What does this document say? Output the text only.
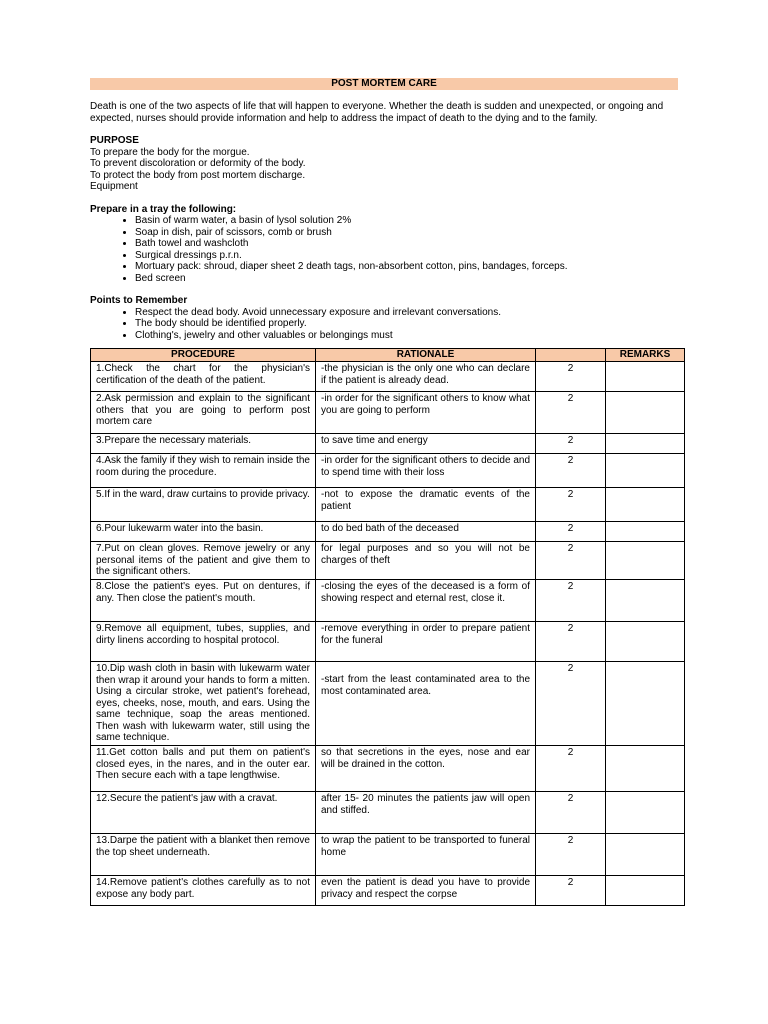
POST MORTEM CARE
Death is one of the two aspects of life that will happen to everyone. Whether the death is sudden and unexpected, or ongoing and expected, nurses should provide information and help to address the impact of death to the dying and to the family.
PURPOSE
To prepare the body for the morgue.
To prevent discoloration or deformity of the body.
To protect the body from post mortem discharge.
Equipment
Prepare in a tray the following:
• Basin of warm water, a basin of lysol solution 2%
• Soap in dish, pair of scissors, comb or brush
• Bath towel and washcloth
• Surgical dressings p.r.n.
• Mortuary pack: shroud, diaper sheet 2 death tags, non-absorbent cotton, pins, bandages, forceps.
• Bed screen
Points to Remember
• Respect the dead body. Avoid unnecessary exposure and irrelevant conversations.
• The body should be identified properly.
• Clothing's, jewelry and other valuables or belongings must
PROCEDURE	RATIONALE		REMARKS
1.Check the chart for the physician's certification of the death of the patient.	-the physician is the only one who can declare if the patient is already dead.	2	
2.Ask permission and explain to the significant others that you are going to perform post mortem care	-in order for the significant others to know what you are going to perform	2	
3.Prepare the necessary materials.	to save time and energy	2	
4.Ask the family if they wish to remain inside the room during the procedure.	-in order for the significant others to decide and to spend time with their loss	2	
5.If in the ward, draw curtains to provide privacy.	-not to expose the dramatic events of the patient	2	
6.Pour lukewarm water into the basin.	to do bed bath of the deceased	2	
7.Put on clean gloves. Remove jewelry or any personal items of the patient and give them to the significant others.	for legal purposes and so you will not be charges of theft	2	
8.Close the patient's eyes. Put on dentures, if any. Then close the patient's mouth.	-closing the eyes of the deceased is a form of showing respect and eternal rest, close it.	2	
9.Remove all equipment, tubes, supplies, and dirty linens according to hospital protocol.	-remove everything in order to prepare patient for the funeral	2	
10.Dip wash cloth in basin with lukewarm water then wrap it around your hands to form a mitten. Using a circular stroke, wet patient's forehead, eyes, cheeks, nose, mouth, and ears. Using the same technique, soap the areas mentioned. Then wash with lukewarm water, still using the same technique.	-start from the least contaminated area to the most contaminated area.	2	
11.Get cotton balls and put them on patient's closed eyes, in the nares, and in the outer ear. Then secure each with a tape lengthwise.	so that secretions in the eyes, nose and ear will be drained in the cotton.	2	
12.Secure the patient's jaw with a cravat.	after 15- 20 minutes the patients jaw will open and stiffed.	2	
13.Darpe the patient with a blanket then remove the top sheet underneath.	to wrap the patient to be transported to funeral home	2	
14.Remove patient's clothes carefully as to not expose any body part.	even the patient is dead you have to provide privacy and respect the corpse	2	
